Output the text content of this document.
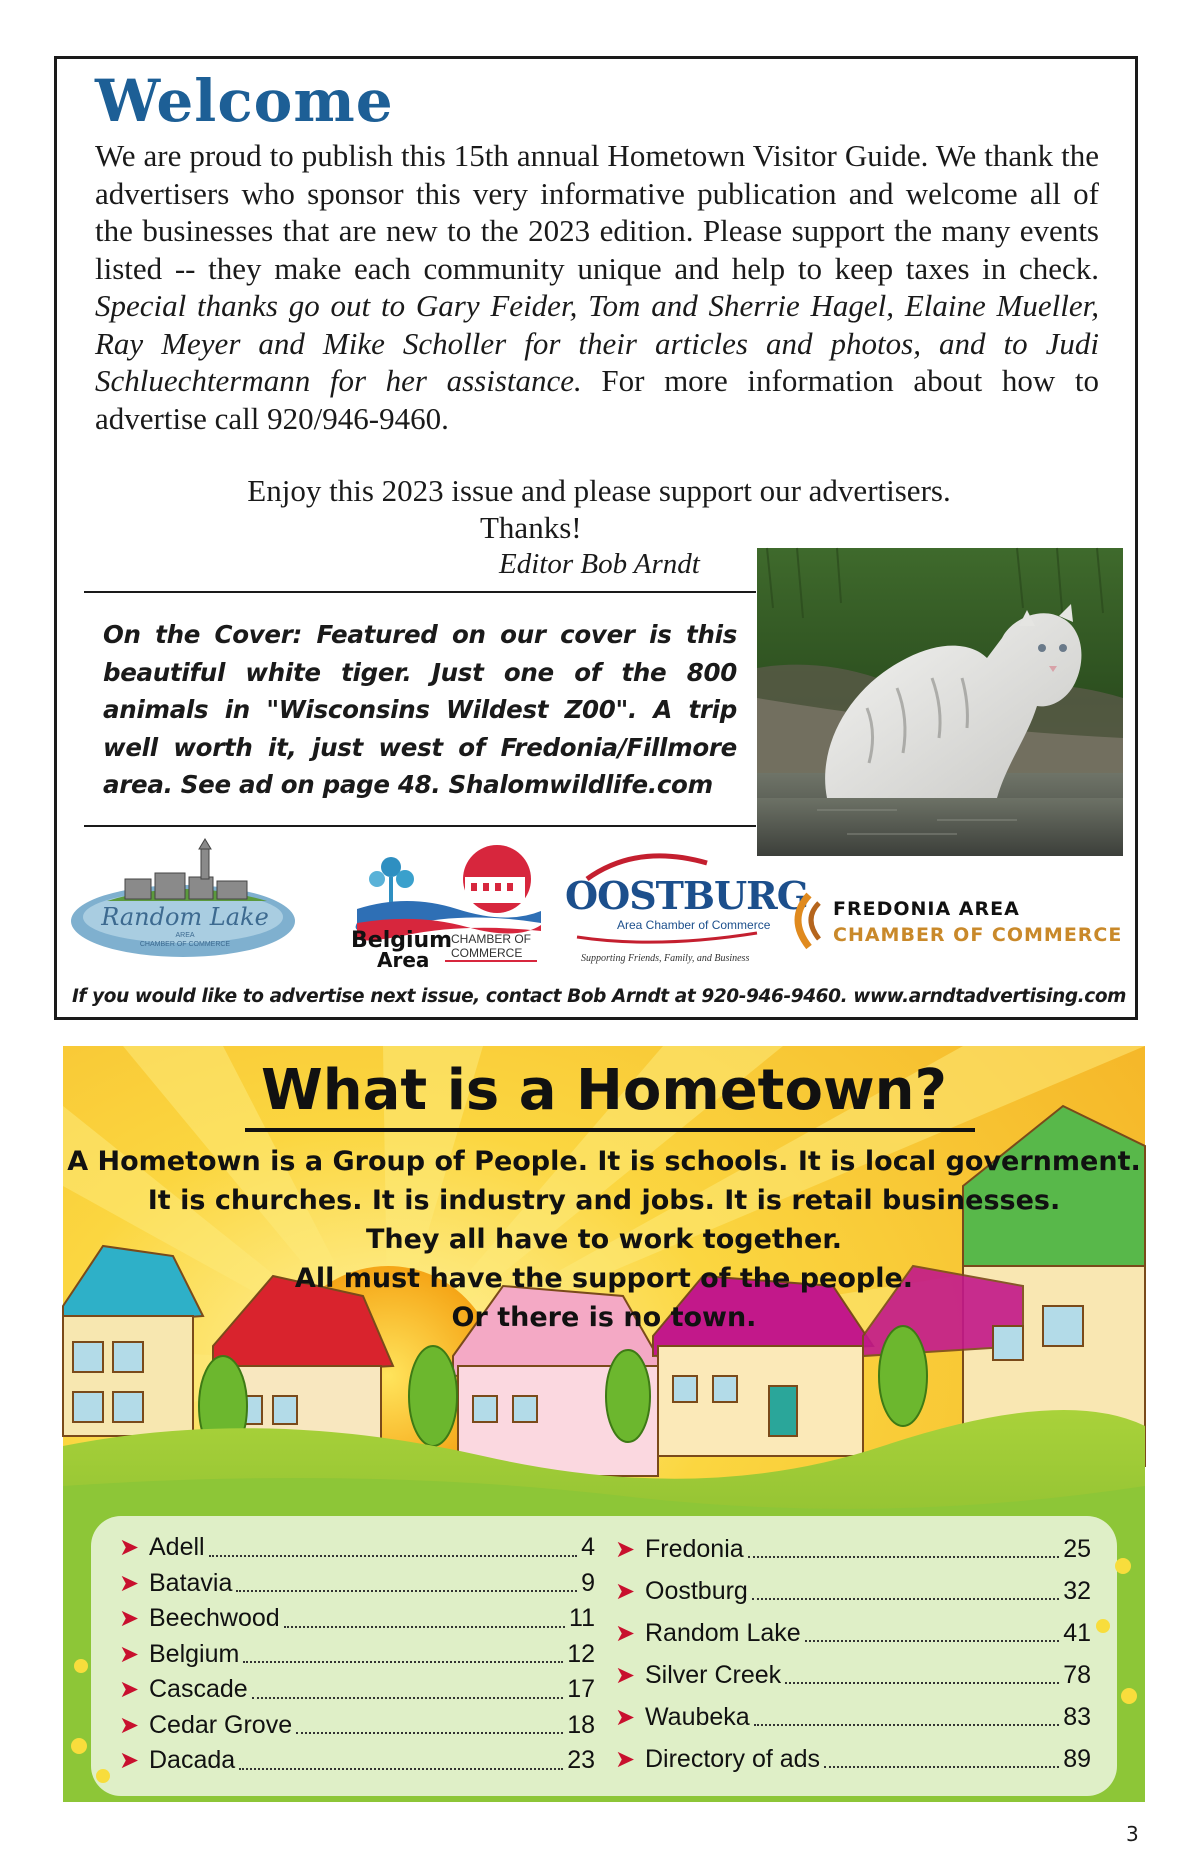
Welcome

We are proud to publish this 15th annual Hometown Visitor Guide. We thank the advertisers who sponsor this very informative publication and welcome all of the businesses that are new to the 2023 edition. Please support the many events listed -- they make each community unique and help to keep taxes in check. Special thanks go out to Gary Feider, Tom and Sherrie Hagel, Elaine Mueller, Ray Meyer and Mike Scholler for their articles and photos, and to Judi Schluechtermann for her assistance. For more information about how to advertise call 920/946-9460.

Enjoy this 2023 issue and please support our advertisers.

Thanks!

Editor Bob Arndt

On the Cover: Featured on our cover is this beautiful white tiger. Just one of the 800 animals in "Wisconsins Wildest Z00". A trip well worth it, just west of Fredonia/Fillmore area. See ad on page 48. Shalomwildlife.com

Random Lake
AREA
CHAMBER OF COMMERCE	Belgium
Area
CHAMBER OF
COMMERCE
OOSTBURG
Area Chamber of Commerce
Supporting Friends, Family, and Business
FREDONIA AREA
CHAMBER OF COMMERCE

If you would like to advertise next issue, contact Bob Arndt at 920-946-9460. www.arndtadvertising.com

What is a Hometown?
A Hometown is a Group of People. It is schools. It is local government.
It is churches. It is industry and jobs. It is retail businesses.
They all have to work together.
All must have the support of the people.
Or there is no town.
➤ Adell	4
➤ Batavia	9
➤ Beechwood	11
➤ Belgium	12
➤ Cascade	17
➤ Cedar Grove	18
➤ Dacada	23
➤ Fredonia	25
➤ Oostburg	32
➤ Random Lake	41
➤ Silver Creek	78
➤ Waubeka	83
➤ Directory of ads	89

3
